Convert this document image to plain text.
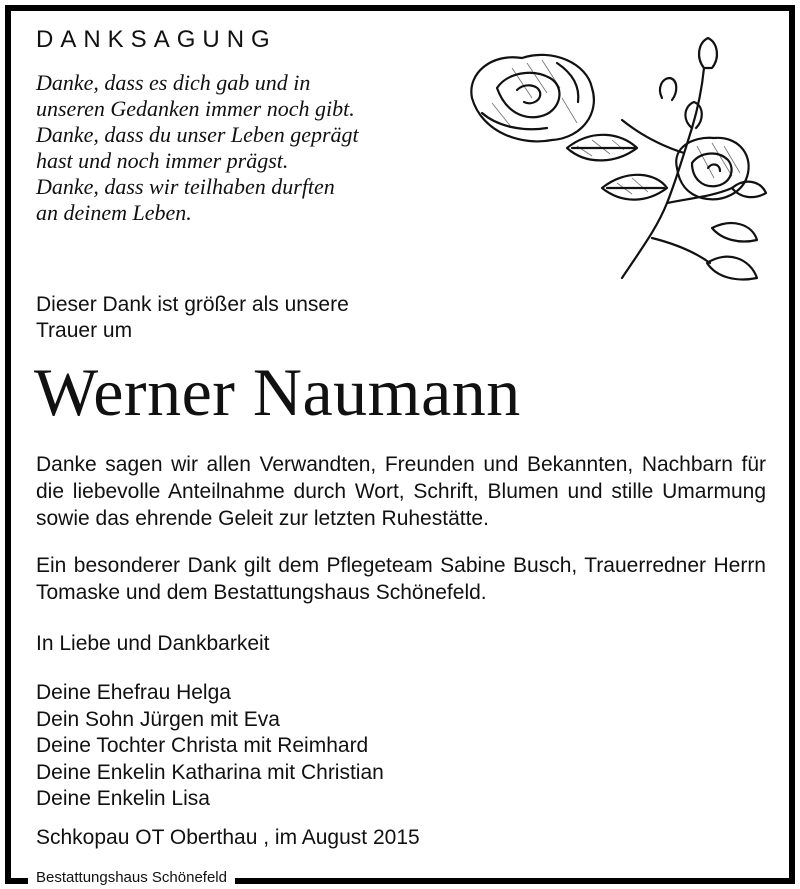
DANKSAGUNG
Danke, dass es dich gab und in
unseren Gedanken immer noch gibt.
Danke, dass du unser Leben geprägt
hast und noch immer prägst.
Danke, dass wir teilhaben durften
an deinem Leben.

Dieser Dank ist größer als unsere
Trauer um

Werner Naumann

Danke sagen wir allen Verwandten, Freunden und Bekannten, Nachbarn für die liebevolle Anteilnahme durch Wort, Schrift, Blumen und stille Umarmung sowie das ehrende Geleit zur letzten Ruhestätte.

Ein besonderer Dank gilt dem Pflegeteam Sabine Busch, Trauerredner Herrn Tomaske und dem Bestattungshaus Schönefeld.

In Liebe und Dankbarkeit

Deine Ehefrau Helga
Dein Sohn Jürgen mit Eva
Deine Tochter Christa mit Reimhard
Deine Enkelin Katharina mit Christian
Deine Enkelin Lisa

Schkopau OT Oberthau , im August 2015

Bestattungshaus Schönefeld
